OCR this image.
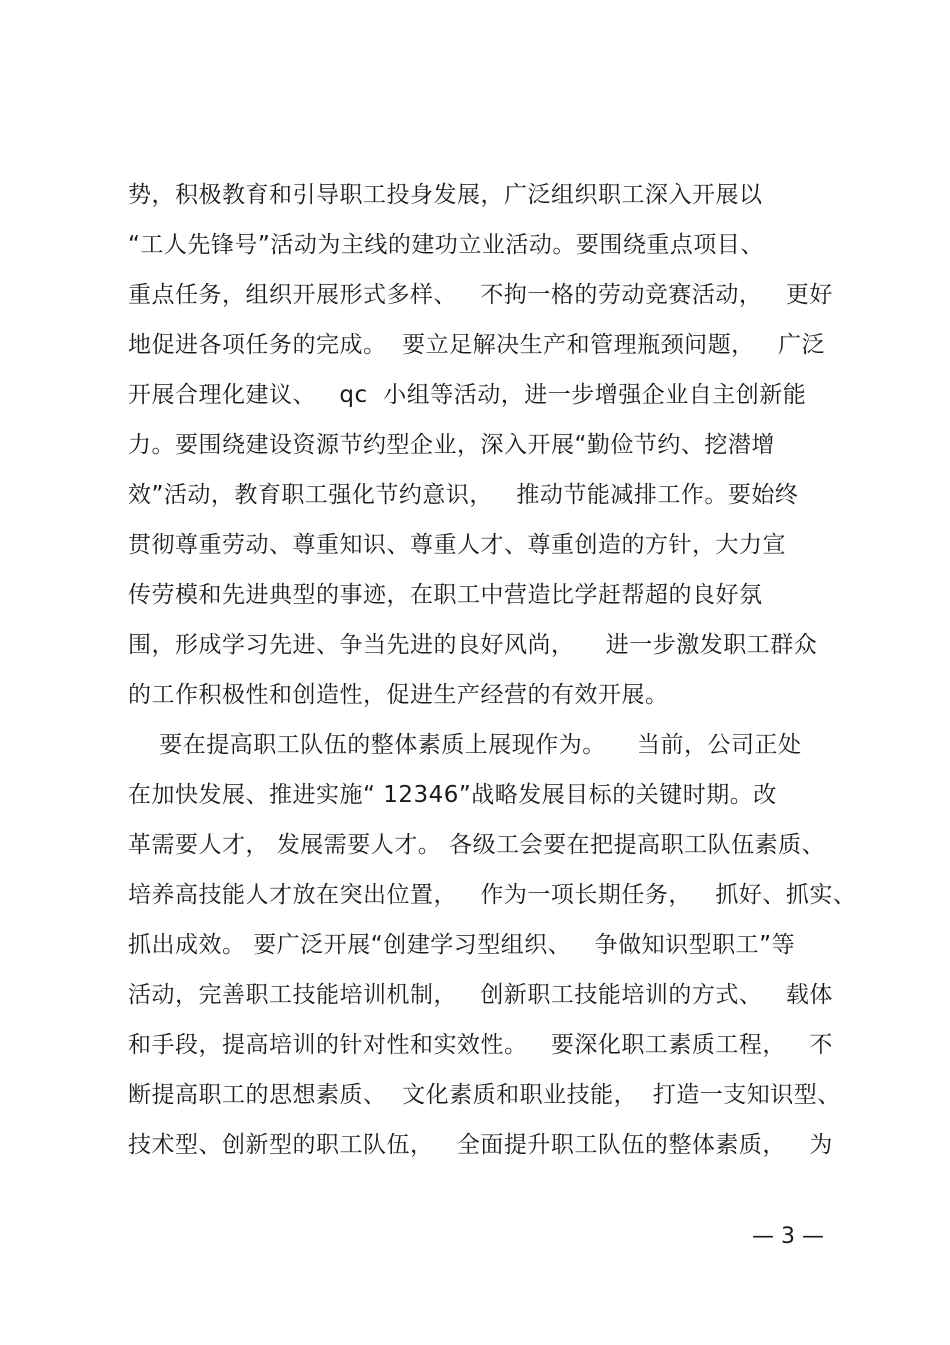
势，积极教育和引导职工投身发展，广泛组织职工深入开展以
“工人先锋号”活动为主线的建功立业活动。要围绕重点项目、
重点任务，组织开展形式多样、   不拘一格的劳动竞赛活动，   更好
地促进各项任务的完成。  要立足解决生产和管理瓶颈问题，   广泛
开展合理化建议、   qc  小组等活动，进一步增强企业自主创新能
力。要围绕建设资源节约型企业，深入开展“勤俭节约、挖潜增
效”活动，教育职工强化节约意识，   推动节能减排工作。要始终
贯彻尊重劳动、尊重知识、尊重人才、尊重创造的方针，大力宣
传劳模和先进典型的事迹，在职工中营造比学赶帮超的良好氛
围，形成学习先进、争当先进的良好风尚，    进一步激发职工群众
的工作积极性和创造性，促进生产经营的有效开展。
要在提高职工队伍的整体素质上展现作为。    当前，公司正处
在加快发展、推进实施“ 12346”战略发展目标的关键时期。改
革需要人才， 发展需要人才。 各级工会要在把提高职工队伍素质、
培养高技能人才放在突出位置，   作为一项长期任务，   抓好、抓实、
抓出成效。 要广泛开展“创建学习型组织、   争做知识型职工”等
活动，完善职工技能培训机制，   创新职工技能培训的方式、   载体
和手段，提高培训的针对性和实效性。   要深化职工素质工程，   不
断提高职工的思想素质、  文化素质和职业技能，  打造一支知识型、
技术型、创新型的职工队伍，   全面提升职工队伍的整体素质，   为
— 3 —
